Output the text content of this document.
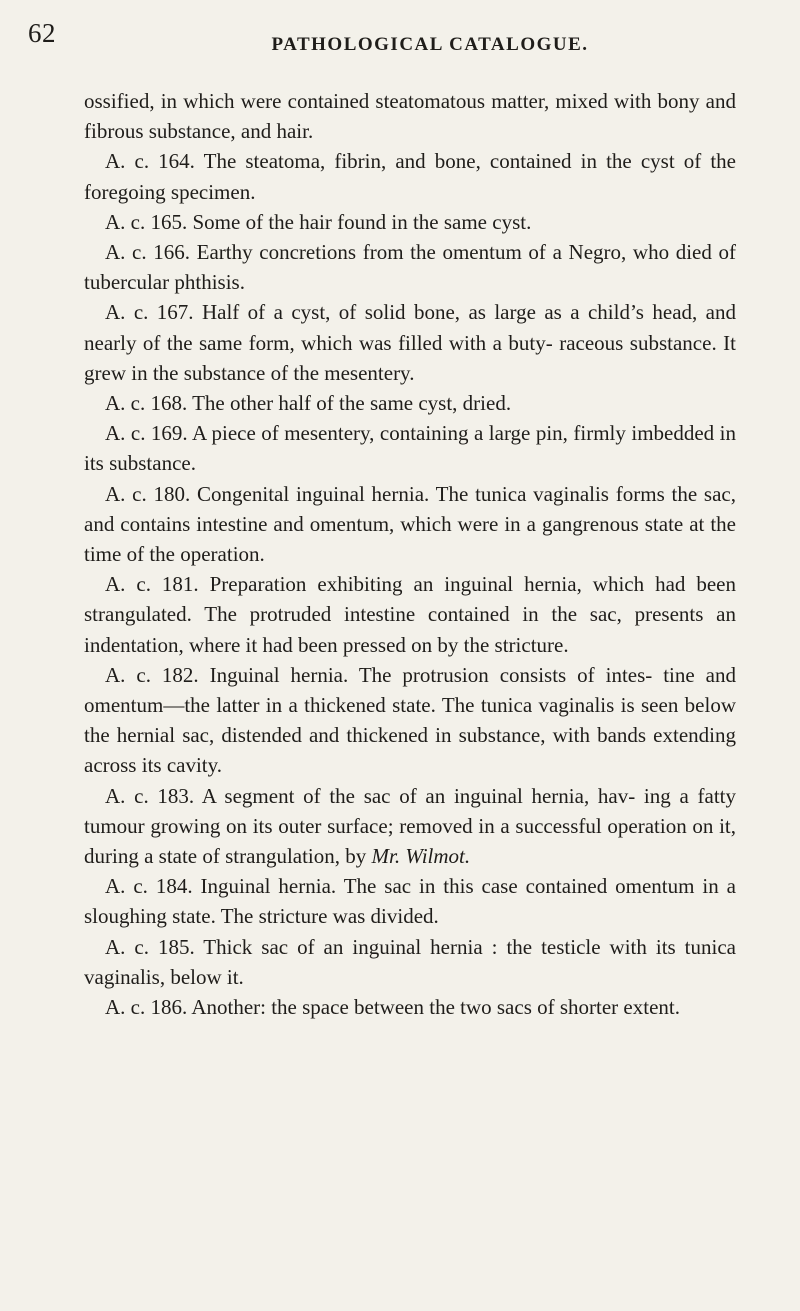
62	PATHOLOGICAL CATALOGUE.

ossified, in which were contained steatomatous matter, mixed with bony and fibrous substance, and hair.

A. c. 164. The steatoma, fibrin, and bone, contained in the cyst of the foregoing specimen.

A. c. 165. Some of the hair found in the same cyst.

A. c. 166. Earthy concretions from the omentum of a Negro, who died of tubercular phthisis.

A. c. 167. Half of a cyst, of solid bone, as large as a child’s head, and nearly of the same form, which was filled with a buty- raceous substance. It grew in the substance of the mesentery.

A. c. 168. The other half of the same cyst, dried.

A. c. 169. A piece of mesentery, containing a large pin, firmly imbedded in its substance.

A. c. 180. Congenital inguinal hernia. The tunica vaginalis forms the sac, and contains intestine and omentum, which were in a gangrenous state at the time of the operation.

A. c. 181. Preparation exhibiting an inguinal hernia, which had been strangulated. The protruded intestine contained in the sac, presents an indentation, where it had been pressed on by the stricture.

A. c. 182. Inguinal hernia. The protrusion consists of intes- tine and omentum—the latter in a thickened state. The tunica vaginalis is seen below the hernial sac, distended and thickened in substance, with bands extending across its cavity.

A. c. 183. A segment of the sac of an inguinal hernia, hav- ing a fatty tumour growing on its outer surface; removed in a successful operation on it, during a state of strangulation, by Mr. Wilmot.

A. c. 184. Inguinal hernia. The sac in this case contained omentum in a sloughing state. The stricture was divided.

A. c. 185. Thick sac of an inguinal hernia : the testicle with its tunica vaginalis, below it.

A. c. 186. Another: the space between the two sacs of shorter extent.
